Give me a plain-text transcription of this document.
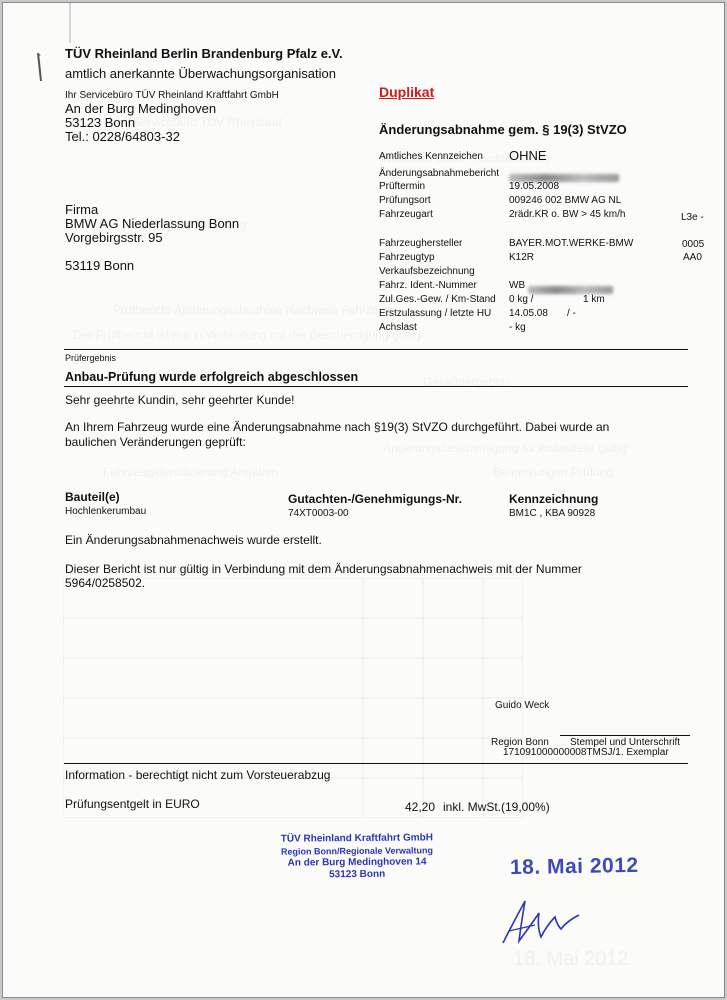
TÜV Rheinland Berlin Brandenburg Pfalz e.V.
amtlich anerkannte Überwachungsorganisation
Ihr Servicebüro TÜV Rheinland Kraftfahrt GmbH
An der Burg Medinghoven
53123 Bonn
Tel.: 0228/64803-32
Duplikat
Änderungsabnahme gem. § 19(3) StVZO
Firma
BMW AG Niederlassung Bonn
Vorgebirgsstr. 95
53119 Bonn
Amtliches Kennzeichen OHNE
Änderungsabnahmebericht
Prüftermin	19.05.2008
Prüfungsort	009246 002 BMW AG NL
Fahrzeugart	2rädr.KR o. BW > 45 km/h	L3e -
Fahrzeughersteller	BAYER.MOT.WERKE-BMW	0005
Fahrzeugtyp	K12R	AA0
Verkaufsbezeichnung
Fahrz. Ident.-Nummer	WB
Zul.Ges.-Gew. / Km-Stand 0 kg /	1 km
Erstzulassung / letzte HU 14.05.08 / -
Achslast	- kg
Prüfergebnis
Anbau-Prüfung wurde erfolgreich abgeschlossen
Sehr geehrte Kundin, sehr geehrter Kunde!
An Ihrem Fahrzeug wurde eine Änderungsabnahme nach §19(3) StVZO durchgeführt. Dabei wurde an
baulichen Veränderungen geprüft:
Bauteil(e)	Gutachten-/Genehmigungs-Nr.	Kennzeichnung
Hochlenkerumbau	74XT0003-00	BM1C , KBA 90928
Ein Änderungsabnahmenachweis wurde erstellt.
Dieser Bericht ist nur gültig in Verbindung mit dem Änderungsabnahmenachweis mit der Nummer
5964/0258502.
Guido Weck
Region Bonn Stempel und Unterschrift
171091000000008TMSJ/1. Exemplar
Information - berechtigt nicht zum Vorsteuerabzug
Prüfungsentgelt in EURO	42,20 inkl. MwSt.(19,00%)
TÜV Rheinland Kraftfahrt GmbH
Region Bonn/Regionale Verwaltung
An der Burg Medinghoven 14
53123 Bonn	18. Mai 2012
